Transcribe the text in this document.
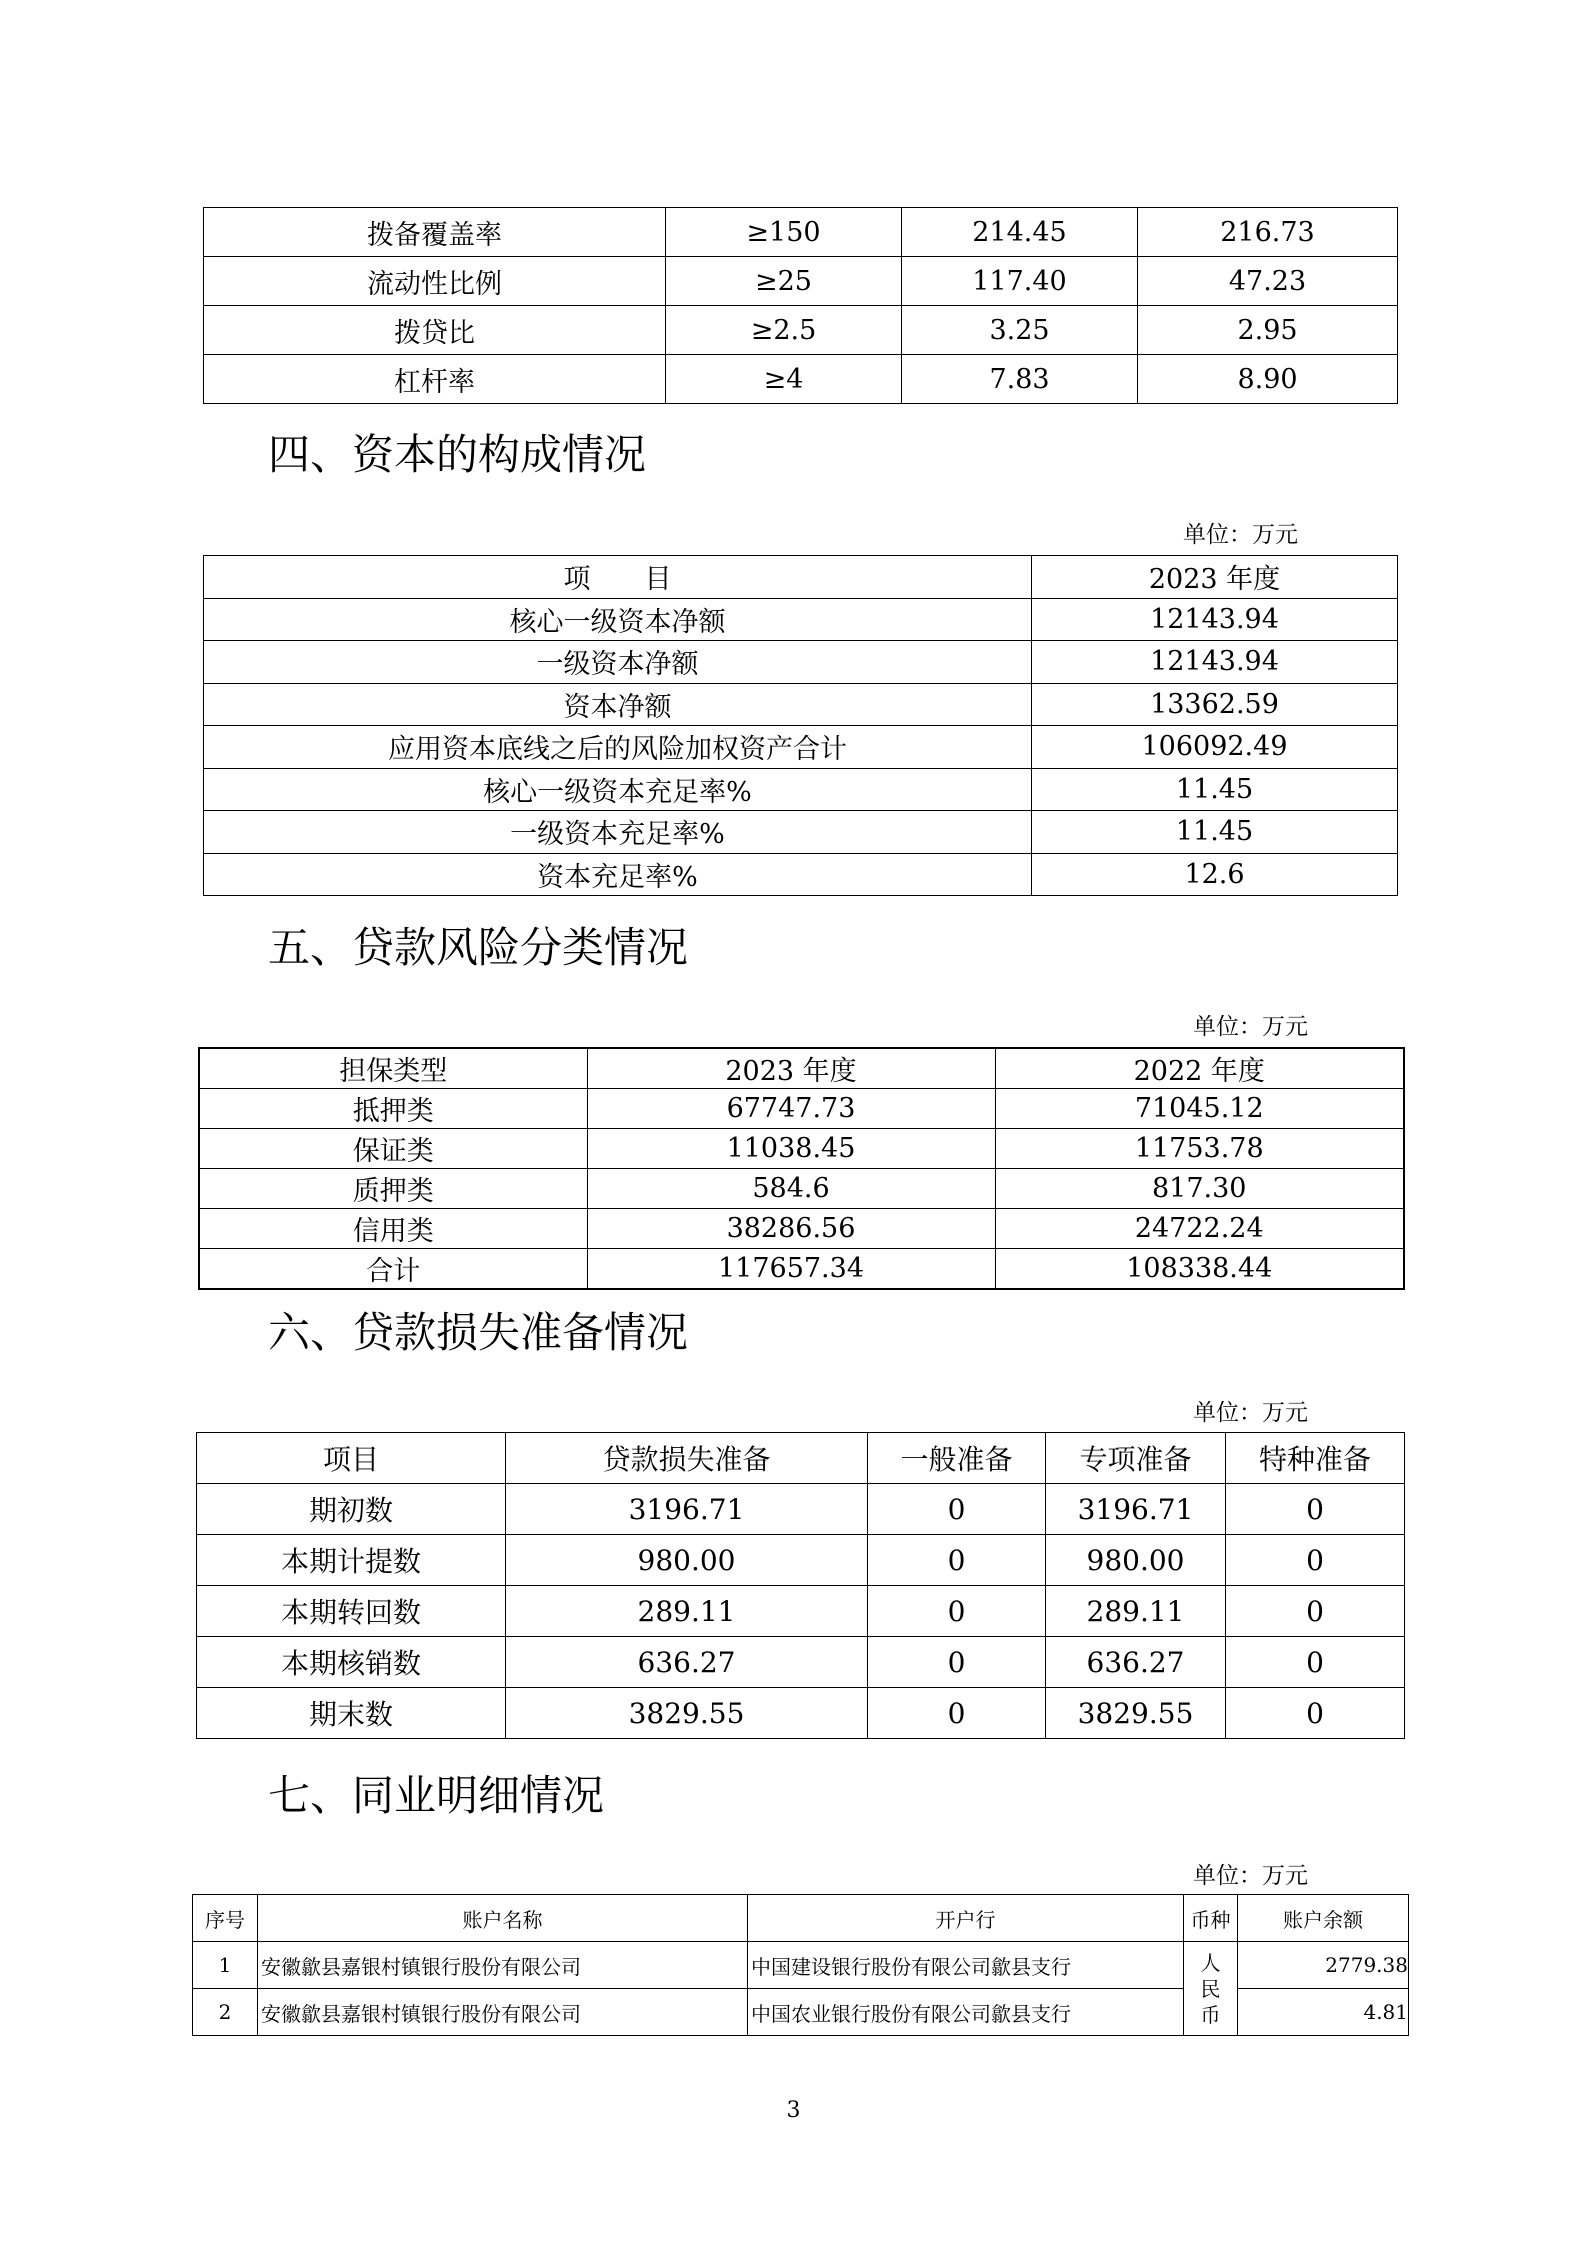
拨备覆盖率	≥150	214.45	216.73
流动性比例	≥25	117.40	47.23
拨贷比	≥2.5	3.25	2.95
杠杆率	≥4	7.83	8.90
四、资本的构成情况
单位：万元
项　　目	2023 年度
核心一级资本净额	12143.94
一级资本净额	12143.94
资本净额	13362.59
应用资本底线之后的风险加权资产合计	106092.49
核心一级资本充足率%	11.45
一级资本充足率%	11.45
资本充足率%	12.6
五、贷款风险分类情况
单位：万元
担保类型	2023 年度	2022 年度
抵押类	67747.73	71045.12
保证类	11038.45	11753.78
质押类	584.6	817.30
信用类	38286.56	24722.24
合计	117657.34	108338.44
六、贷款损失准备情况
单位：万元
项目	贷款损失准备	一般准备	专项准备	特种准备
期初数	3196.71	0	3196.71	0
本期计提数	980.00	0	980.00	0
本期转回数	289.11	0	289.11	0
本期核销数	636.27	0	636.27	0
期末数	3829.55	0	3829.55	0
七、同业明细情况
单位：万元
序号	账户名称	开户行	币种	账户余额
1	安徽歙县嘉银村镇银行股份有限公司	中国建设银行股份有限公司歙县支行	人民币	2779.38
2	安徽歙县嘉银村镇银行股份有限公司	中国农业银行股份有限公司歙县支行		4.81
3
